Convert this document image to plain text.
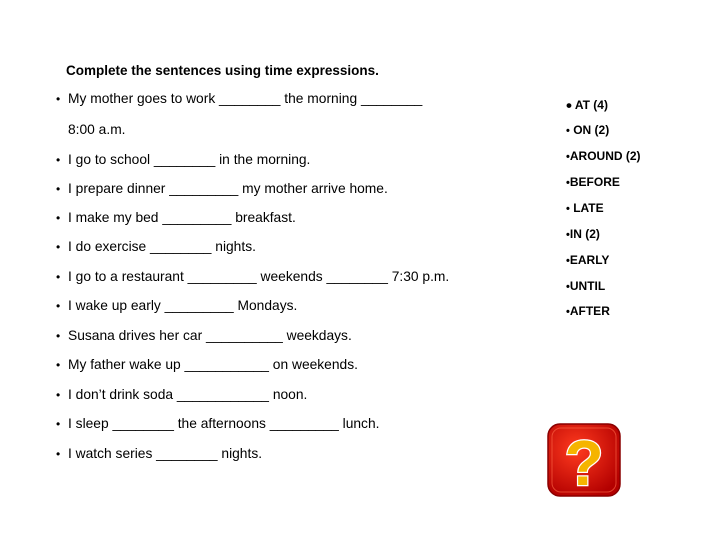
Complete the sentences using time expressions.
• My mother goes to work ________ the morning ________
8:00 a.m.
• I go to school ________ in the morning.
• I prepare dinner _________ my mother arrive home.
• I make my bed _________ breakfast.
• I do exercise ________ nights.
• I go to a restaurant _________ weekends ________ 7:30 p.m.
• I wake up early _________ Mondays.
• Susana drives her car __________ weekdays.
• My father wake up ___________ on weekends.
• I don’t drink soda ____________ noon.
• I sleep ________ the afternoons _________ lunch.
• I watch series ________ nights.
• AT (4)
• ON (2)
•AROUND (2)
•BEFORE
• LATE
•IN (2)
•EARLY
•UNTIL
•AFTER
?
